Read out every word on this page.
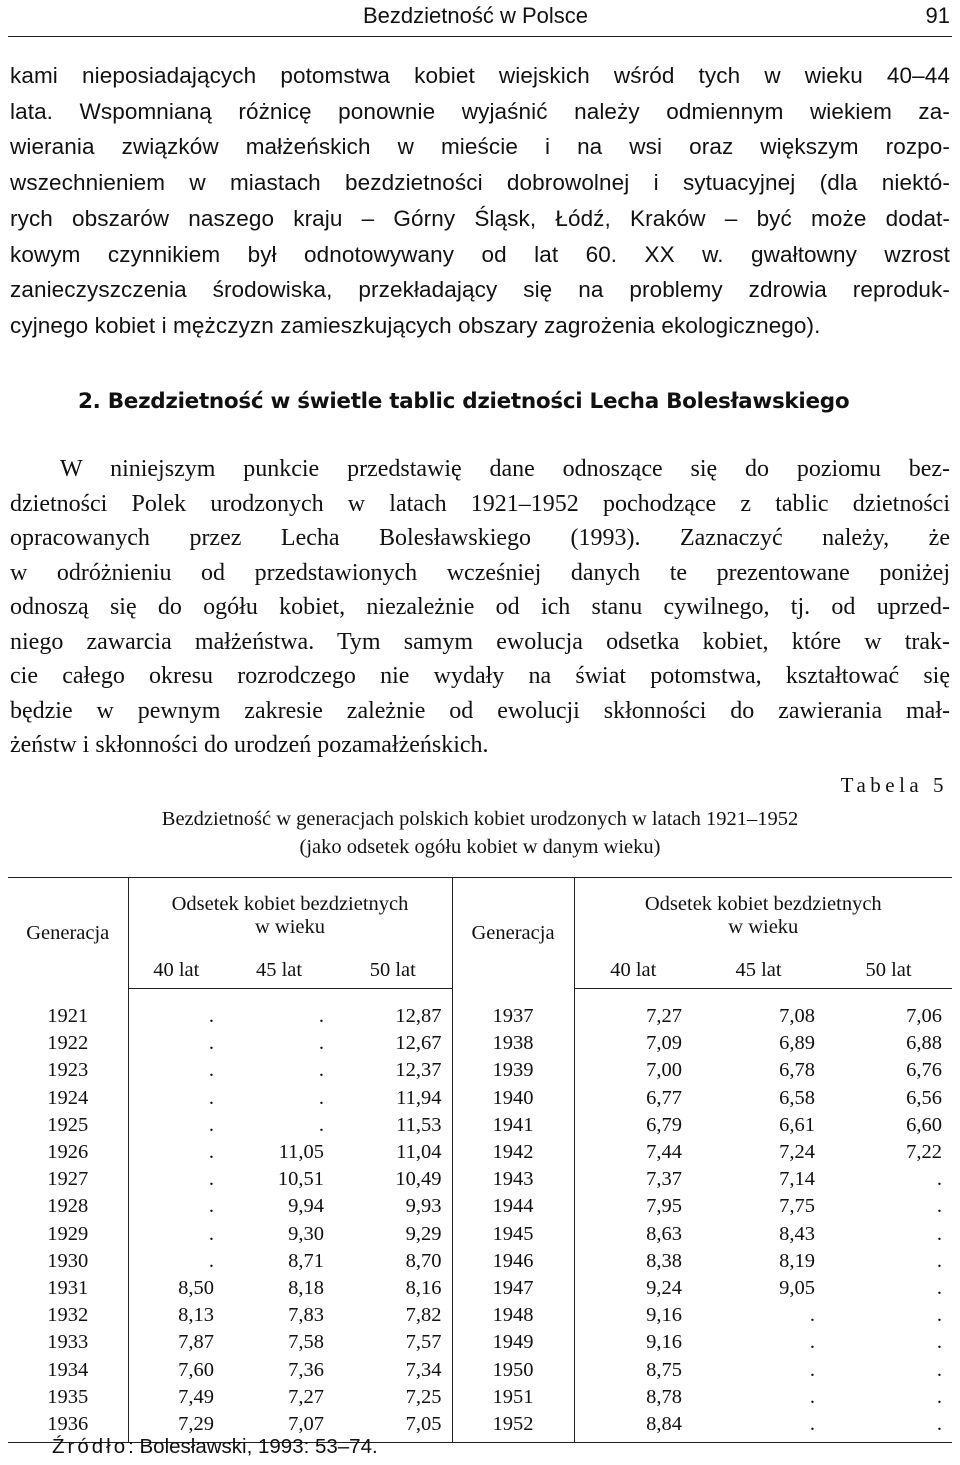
Bezdzietność w Polsce	91
kami nieposiadających potomstwa kobiet wiejskich wśród tych w wieku 40–44
lata. Wspomnianą różnicę ponownie wyjaśnić należy odmiennym wiekiem za-
wierania związków małżeńskich w mieście i na wsi oraz większym rozpo-
wszechnieniem w miastach bezdzietności dobrowolnej i sytuacyjnej (dla niektó-
rych obszarów naszego kraju – Górny Śląsk, Łódź, Kraków – być może dodat-
kowym czynnikiem był odnotowywany od lat 60. XX w. gwałtowny wzrost
zanieczyszczenia środowiska, przekładający się na problemy zdrowia reproduk-
cyjnego kobiet i mężczyzn zamieszkujących obszary zagrożenia ekologicznego).
2. Bezdzietność w świetle tablic dzietności Lecha Bolesławskiego
W niniejszym punkcie przedstawię dane odnoszące się do poziomu bez-
dzietności Polek urodzonych w latach 1921–1952 pochodzące z tablic dzietności
opracowanych przez Lecha Bolesławskiego (1993). Zaznaczyć należy, że
w odróżnieniu od przedstawionych wcześniej danych te prezentowane poniżej
odnoszą się do ogółu kobiet, niezależnie od ich stanu cywilnego, tj. od uprzed-
niego zawarcia małżeństwa. Tym samym ewolucja odsetka kobiet, które w trak-
cie całego okresu rozrodczego nie wydały na świat potomstwa, kształtować się
będzie w pewnym zakresie zależnie od ewolucji skłonności do zawierania mał-
żeństw i skłonności do urodzeń pozamałżeńskich.
Tabela 5
Bezdzietność w generacjach polskich kobiet urodzonych w latach 1921–1952
(jako odsetek ogółu kobiet w danym wieku)
Generacja	Odsetek kobiet bezdzietnych
w wieku			Generacja	Odsetek kobiet bezdzietnych
w wieku		
	40 lat	45 lat	50 lat		40 lat	45 lat	50 lat

1921	.	.	12,87	1937	7,27	7,08	7,06
1922	.	.	12,67	1938	7,09	6,89	6,88
1923	.	.	12,37	1939	7,00	6,78	6,76
1924	.	.	11,94	1940	6,77	6,58	6,56
1925	.	.	11,53	1941	6,79	6,61	6,60
1926	.	11,05	11,04	1942	7,44	7,24	7,22
1927	.	10,51	10,49	1943	7,37	7,14	.
1928	.	9,94	9,93	1944	7,95	7,75	.
1929	.	9,30	9,29	1945	8,63	8,43	.
1930	.	8,71	8,70	1946	8,38	8,19	.
1931	8,50	8,18	8,16	1947	9,24	9,05	.
1932	8,13	7,83	7,82	1948	9,16	.	.
1933	7,87	7,58	7,57	1949	9,16	.	.
1934	7,60	7,36	7,34	1950	8,75	.	.
1935	7,49	7,27	7,25	1951	8,78	.	.
1936	7,29	7,07	7,05	1952	8,84	.	.
Źródło: Bolesławski, 1993: 53–74.
